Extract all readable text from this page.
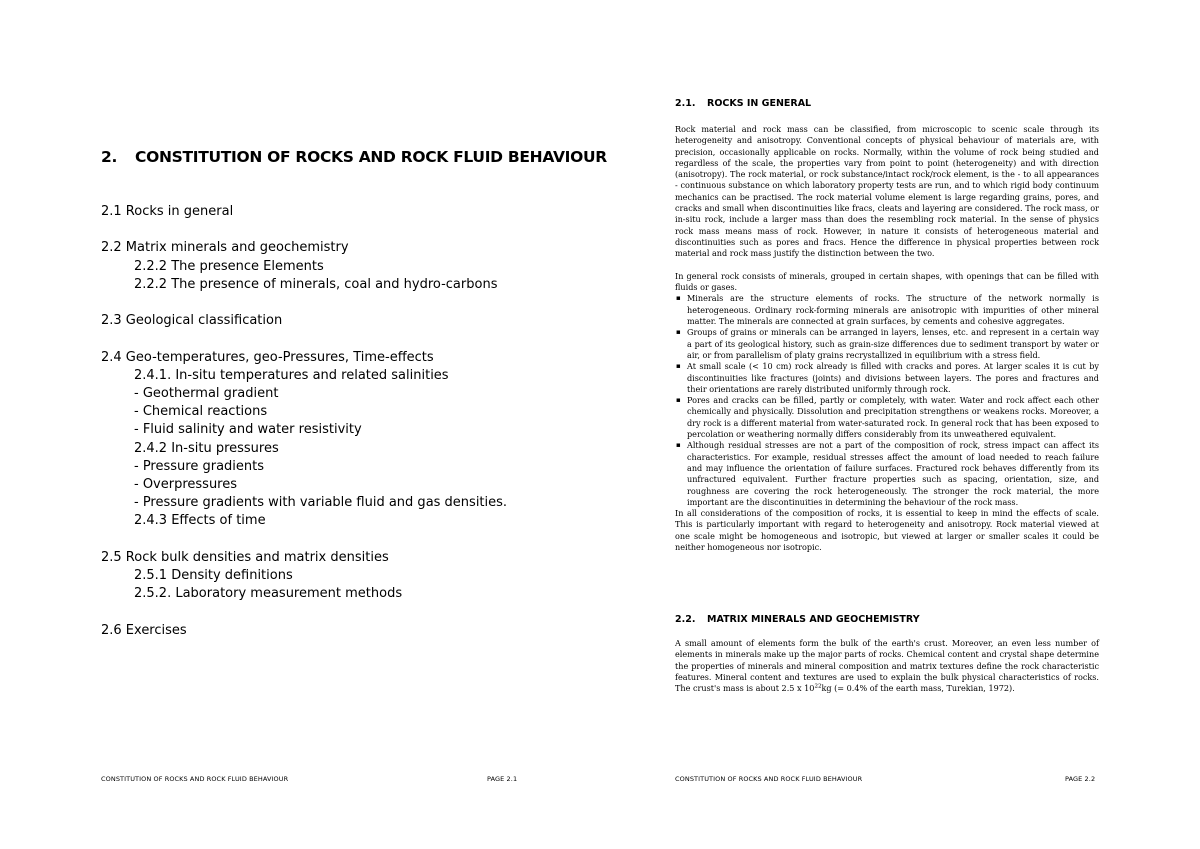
2. CONSTITUTION OF ROCKS AND ROCK FLUID BEHAVIOUR
2.1 Rocks in general
2.2 Matrix minerals and geochemistry
2.2.2 The presence Elements
2.2.2 The presence of minerals, coal and hydro-carbons
2.3 Geological classification
2.4 Geo-temperatures, geo-Pressures, Time-effects
2.4.1. In-situ temperatures and related salinities
- Geothermal gradient
- Chemical reactions
- Fluid salinity and water resistivity
2.4.2 In-situ pressures
- Pressure gradients
- Overpressures
- Pressure gradients with variable fluid and gas densities.
2.4.3 Effects of time
2.5 Rock bulk densities and matrix densities
2.5.1 Density definitions
2.5.2. Laboratory measurement methods
2.6 Exercises
CONSTITUTION OF ROCKS AND ROCK FLUID BEHAVIOUR	PAGE 2.1
2.1. ROCKS IN GENERAL

Rock material and rock mass can be classified, from microscopic to scenic scale through its heterogeneity and anisotropy. Conventional concepts of physical behaviour of materials are, with precision, occasionally applicable on rocks. Normally, within the volume of rock being studied and regardless of the scale, the properties vary from point to point (heterogeneity) and with direction (anisotropy). The rock material, or rock substance/intact rock/rock element, is the - to all appearances - continuous substance on which laboratory property tests are run, and to which rigid body continuum mechanics can be practised. The rock material volume element is large regarding grains, pores, and cracks and small when discontinuities like fracs, cleats and layering are considered. The rock mass, or in-situ rock, include a larger mass than does the resembling rock material. In the sense of physics rock mass means mass of rock. However, in nature it consists of heterogeneous material and discontinuities such as pores and fracs. Hence the difference in physical properties between rock material and rock mass justify the distinction between the two.

In general rock consists of minerals, grouped in certain shapes, with openings that can be filled with fluids or gases.

▪ Minerals are the structure elements of rocks. The structure of the network normally is heterogeneous. Ordinary rock-forming minerals are anisotropic with impurities of other mineral matter. The minerals are connected at grain surfaces, by cements and cohesive aggregates.
▪ Groups of grains or minerals can be arranged in layers, lenses, etc. and represent in a certain way a part of its geological history, such as grain-size differences due to sediment transport by water or air, or from parallelism of platy grains recrystallized in equilibrium with a stress field.
▪ At small scale (< 10 cm) rock already is filled with cracks and pores. At larger scales it is cut by discontinuities like fractures (joints) and divisions between layers. The pores and fractures and their orientations are rarely distributed uniformly through rock.
▪ Pores and cracks can be filled, partly or completely, with water. Water and rock affect each other chemically and physically. Dissolution and precipitation strengthens or weakens rocks. Moreover, a dry rock is a different material from water-saturated rock. In general rock that has been exposed to percolation or weathering normally differs considerably from its unweathered equivalent.
▪ Although residual stresses are not a part of the composition of rock, stress impact can affect its characteristics. For example, residual stresses affect the amount of load needed to reach failure and may influence the orientation of failure surfaces. Fractured rock behaves differently from its unfractured equivalent. Further fracture properties such as spacing, orientation, size, and roughness are covering the rock heterogeneously. The stronger the rock material, the more important are the discontinuities in determining the behaviour of the rock mass.

In all considerations of the composition of rocks, it is essential to keep in mind the effects of scale. This is particularly important with regard to heterogeneity and anisotropy. Rock material viewed at one scale might be homogeneous and isotropic, but viewed at larger or smaller scales it could be neither homogeneous nor isotropic.

2.2. MATRIX MINERALS AND GEOCHEMISTRY

A small amount of elements form the bulk of the earth's crust. Moreover, an even less number of elements in minerals make up the major parts of rocks. Chemical content and crystal shape determine the properties of minerals and mineral composition and matrix textures define the rock characteristic features. Mineral content and textures are used to explain the bulk physical characteristics of rocks. The crust's mass is about 2.5 x $10^{22}kg$ (= 0.4% of the earth mass, Turekian, 1972).

CONSTITUTION OF ROCKS AND ROCK FLUID BEHAVIOUR	PAGE 2.2
